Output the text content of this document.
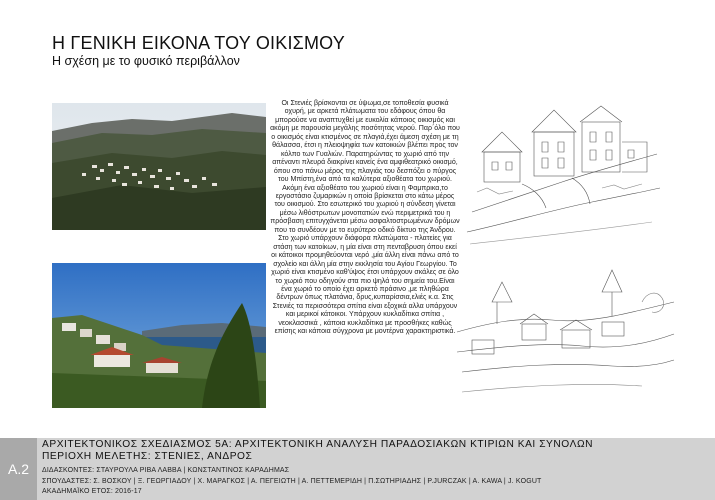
Η ΓΕΝΙΚΗ ΕΙΚΟΝΑ ΤΟΥ ΟΙΚΙΣΜΟΥ
Η σχέση με το φυσικό περιβάλλον

Οι Στενιές βρίσκονται σε ύψωμα,σε τοποθεσία φυσικά οχυρή, με αρκετά πλάτωματα του εδάφους όπου θα μπορούσε να αναπτυχθεί με ευκολία κάποιος οικισμός και ακόμη με παρουσία μεγάλης ποσότητας νερού. Παρ΄όλο που ο οικισμός είναι κτισμένος σε πλαγιά,έχει άμεση σχέση με τη θάλασσα, έτσι η πλειοψηφία των κατοικιών βλέπει προς τον κόλπο των Γυαλιών. Παρατηρώντας το χωριό από την απέναντι πλευρά διακρίνει κανείς ένα αμφιθεατρικό οικισμό, όπου στο πάνω μέρος της πλαγιάς του δεσπόζει ο πύργος του Μπίστη,ένα από τα καλύτερα αξιοθέατα του χωριού. Ακόμη ένα αξιοθέατο του χωριού είναι η Φαμπρικα,το εργοστάσιο ζυμαρικών η οποία βρίσκεται στο κάτω μέρος του οικισμού. Στο εσωτερικό του χωριού η σύνδεση γίνεται μέσω λιθόστρωτων μονοπατιών ενώ περιμετρικά του η πρόσβαση επιτυγχάνεται μέσω ασφαλτοστρωμένων δρόμων που το συνδέουν με το ευρύτερο οδικό δίκτυο της Άνδρου.

Στο χωριό υπάρχουν διάφορα πλατώματα - πλατείες για στάση των κατοίκων, η μία είναι στη πενταβρυση όπου εκεί οι κάτοικοι προμηθεύονται νερό ,μία άλλη είναι πάνω από το σχολείο και άλλη μία στην εκκλησία του Αγίου Γεωργίου. Το χωριό είναι κτισμένο καθ'ύψος έτσι υπάρχουν σκάλες σε όλο το χωριό που οδηγούν στα πιο ψηλά του σημεία του.Είναι ένα χωριό το οποίο έχει αρκετό πράσινο ,με πληθώρα δέντρων όπως πλατάνια, δρυς,κυπαρίσσια,ελιές κ.α. Στις Στενιές τα περισσότερα σπίτια είναι εξοχικά αλλα υπάρχουν και μερικοί κάτοικοι. Υπάρχουν κυκλαδίτικα σπίτια , νεοκλασσικά , κάποια κυκλαδίτικα με προσθήκες καθώς επίσης και κάποια σύγχρονα με μοντέρνα χαρακτηριστικά.

Α.2
ΑΡΧΙΤΕΚΤΟΝΙΚΟΣ ΣΧΕΔΙΑΣΜΟΣ 5Α: ΑΡΧΙΤΕΚΤΟΝΙΚΗ ΑΝΑΛΥΣΗ ΠΑΡΑΔΟΣΙΑΚΩΝ ΚΤΙΡΙΩΝ ΚΑΙ ΣΥΝΟΛΩΝ
ΠΕΡΙΟΧΗ ΜΕΛΕΤΗΣ: ΣΤΕΝΙΕΣ, ΑΝΔΡΟΣ
ΔΙΔΑΣΚΟΝΤΕΣ: ΣΤΑΥΡΟΥΛΑ ΡΙΒΑ ΛΑΒΒΑ | ΚΩΝΣΤΑΝΤΙΝΟΣ ΚΑΡΑΔΗΜΑΣ
ΣΠΟΥΔΑΣΤΕΣ: Σ. ΒΟΣΚΟΥ | Ξ. ΓΕΩΡΓΙΑΔΟΥ | Χ. ΜΑΡΑΓΚΟΣ | Α. ΠΕΓΕΙΩΤΗ | Α. ΠΕΤΤΕΜΕΡΙΔΗ | Π.ΣΩΤΗΡΙΑΔΗΣ | P.JURCZAK | A. KAWA | J. KOGUT
ΑΚΑΔΗΜΑΪΚΟ ΕΤΟΣ: 2016-17
